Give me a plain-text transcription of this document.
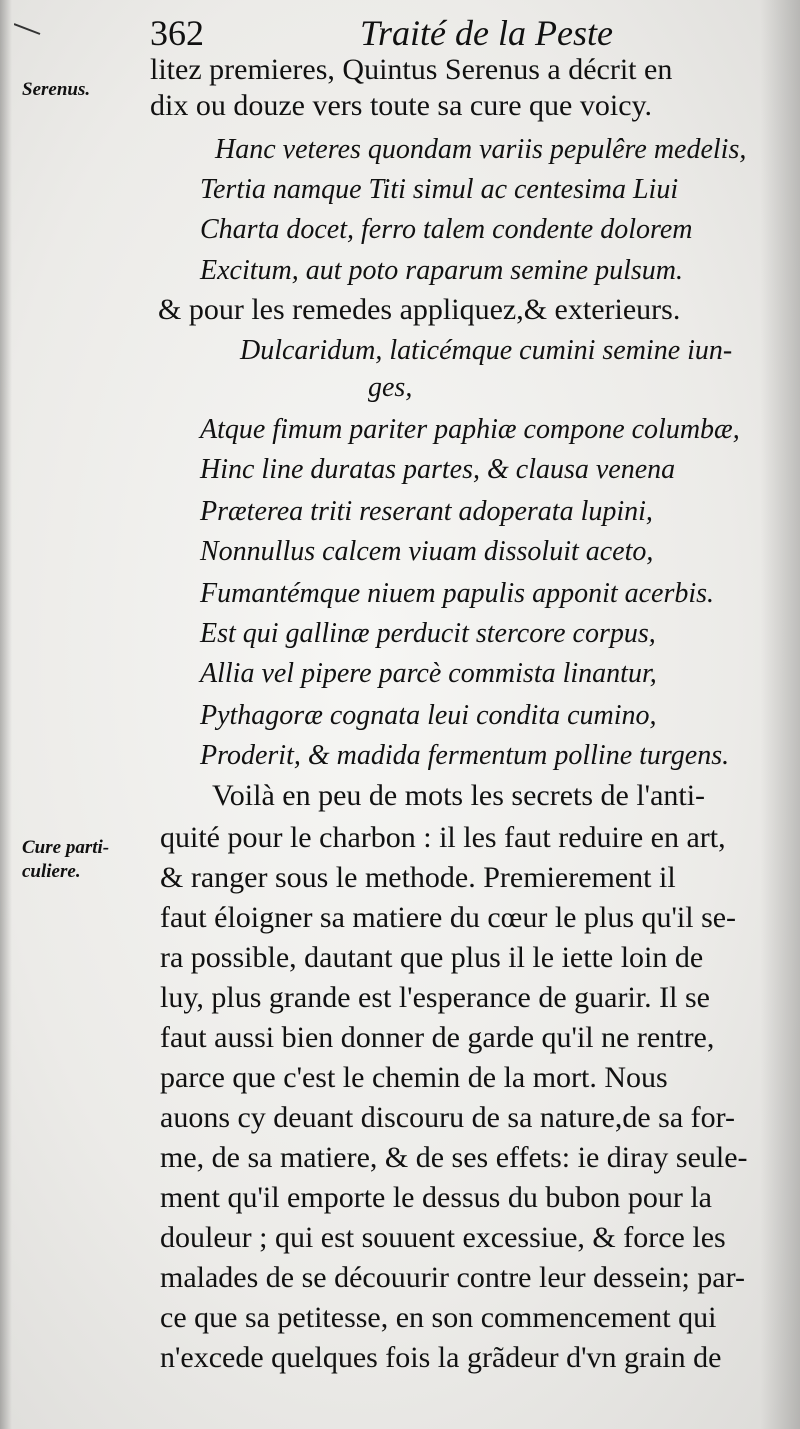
362	Traité de la Peste
Serenus.
Cure parti-
culiere.
litez premieres, Quintus Serenus a décrit en
dix ou douze vers toute sa cure que voicy.
Hanc veteres quondam variis pepulêre medelis,
Tertia namque Titi simul ac centesima Liui
Charta docet, ferro talem condente dolorem
Excitum, aut poto raparum semine pulsum.
& pour les remedes appliquez,& exterieurs.
Dulcaridum, laticémque cumini semine iun-
ges,
Atque fimum pariter paphiæ compone columbæ,
Hinc line duratas partes, & clausa venena
Præterea triti reserant adoperata lupini,
Nonnullus calcem viuam dissoluit aceto,
Fumantémque niuem papulis apponit acerbis.
Est qui gallinæ perducit stercore corpus,
Allia vel pipere parcè commista linantur,
Pythagoræ cognata leui condita cumino,
Proderit, & madida fermentum polline turgens.
Voilà en peu de mots les secrets de l'anti-
quité pour le charbon : il les faut reduire en art,
& ranger sous le methode. Premierement il
faut éloigner sa matiere du cœur le plus qu'il se-
ra possible, dautant que plus il le iette loin de
luy, plus grande est l'esperance de guarir. Il se
faut aussi bien donner de garde qu'il ne rentre,
parce que c'est le chemin de la mort. Nous
auons cy deuant discouru de sa nature,de sa for-
me, de sa matiere, & de ses effets: ie diray seule-
ment qu'il emporte le dessus du bubon pour la
douleur ; qui est souuent excessiue, & force les
malades de se découurir contre leur dessein; par-
ce que sa petitesse, en son commencement qui
n'excede quelques fois la grãdeur d'vn grain de
